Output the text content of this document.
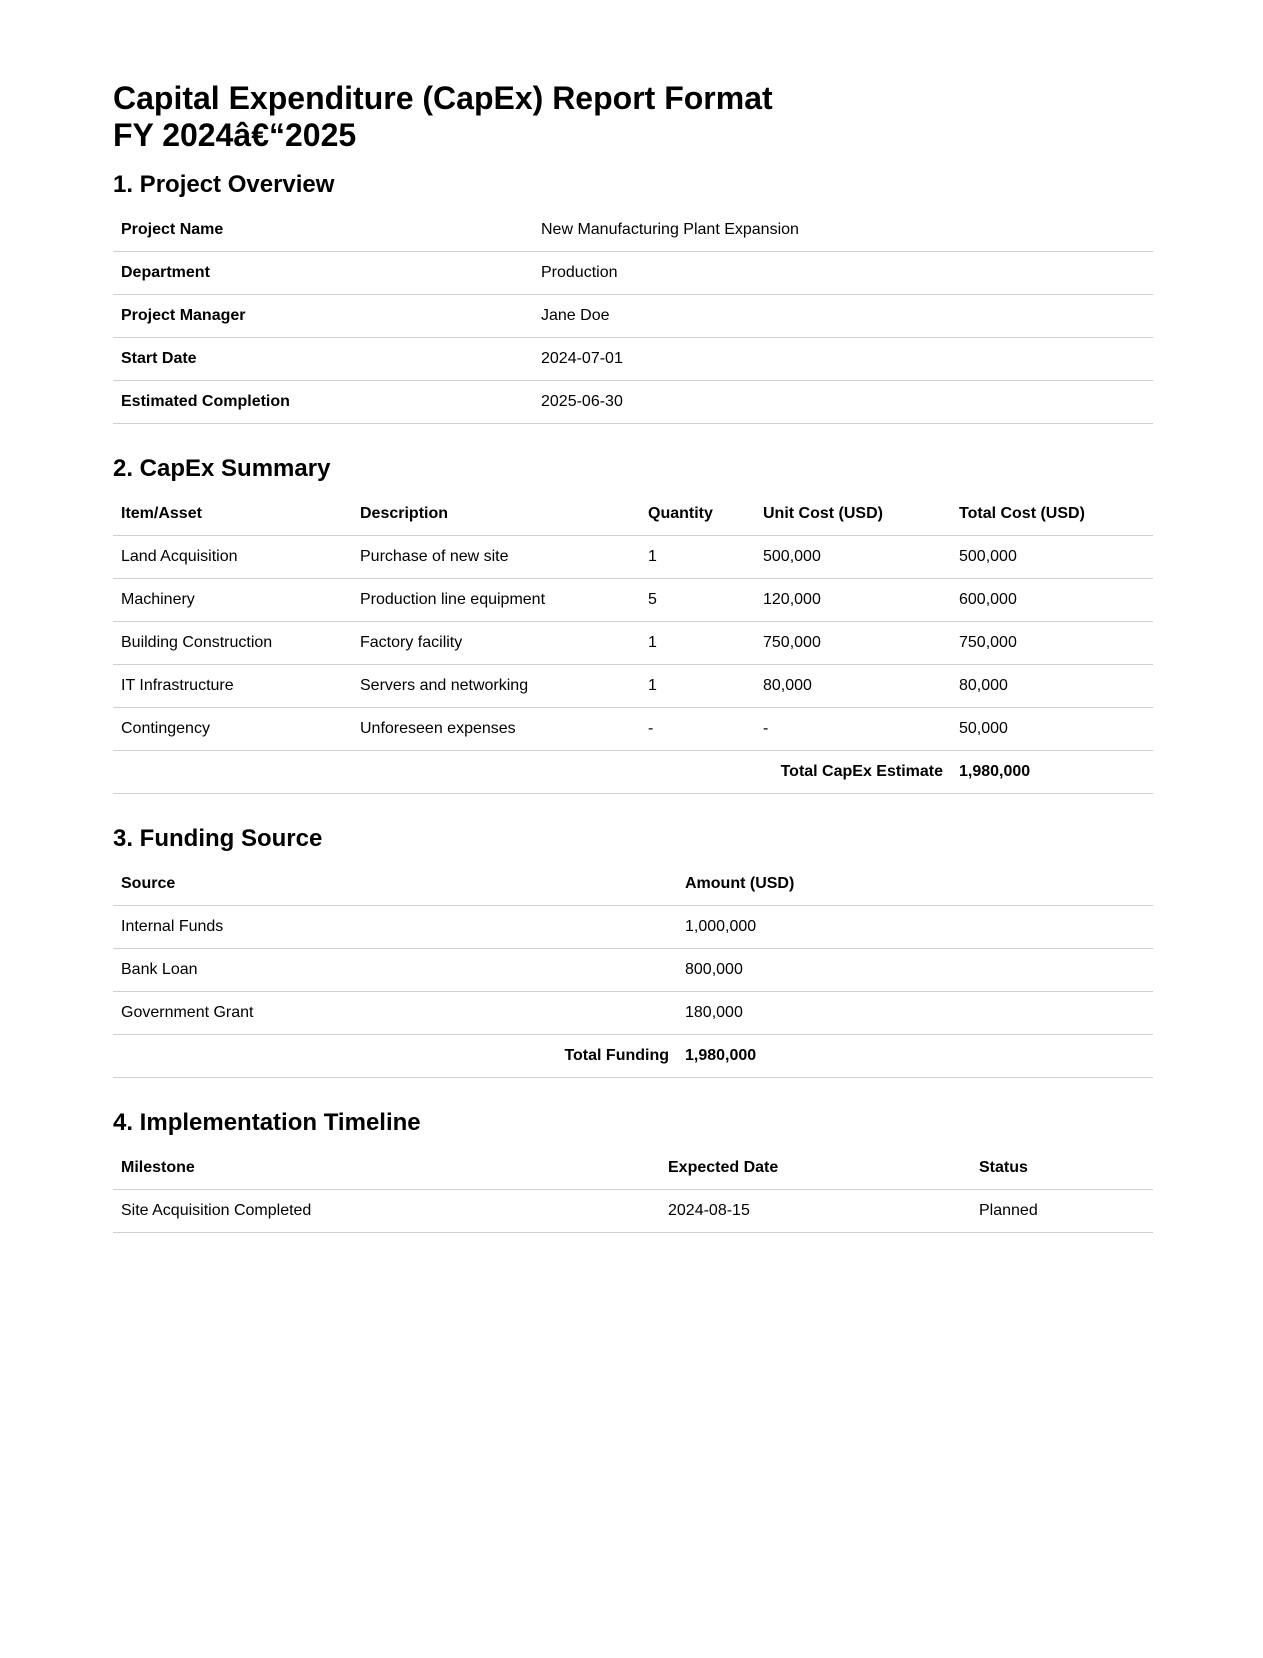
Capital Expenditure (CapEx) Report Format
FY 2024â€“2025
1. Project Overview
Project Name	New Manufacturing Plant Expansion
Department	Production
Project Manager	Jane Doe
Start Date	2024-07-01
Estimated Completion	2025-06-30
2. CapEx Summary
Item/Asset	Description	Quantity	Unit Cost (USD)	Total Cost (USD)
Land Acquisition	Purchase of new site	1	500,000	500,000
Machinery	Production line equipment	5	120,000	600,000
Building Construction	Factory facility	1	750,000	750,000
IT Infrastructure	Servers and networking	1	80,000	80,000
Contingency	Unforeseen expenses	-	-	50,000
Total CapEx Estimate				1,980,000
3. Funding Source
Source	Amount (USD)
Internal Funds	1,000,000
Bank Loan	800,000
Government Grant	180,000
Total Funding	1,980,000
4. Implementation Timeline
Milestone	Expected Date	Status
Site Acquisition Completed	2024-08-15	Planned
